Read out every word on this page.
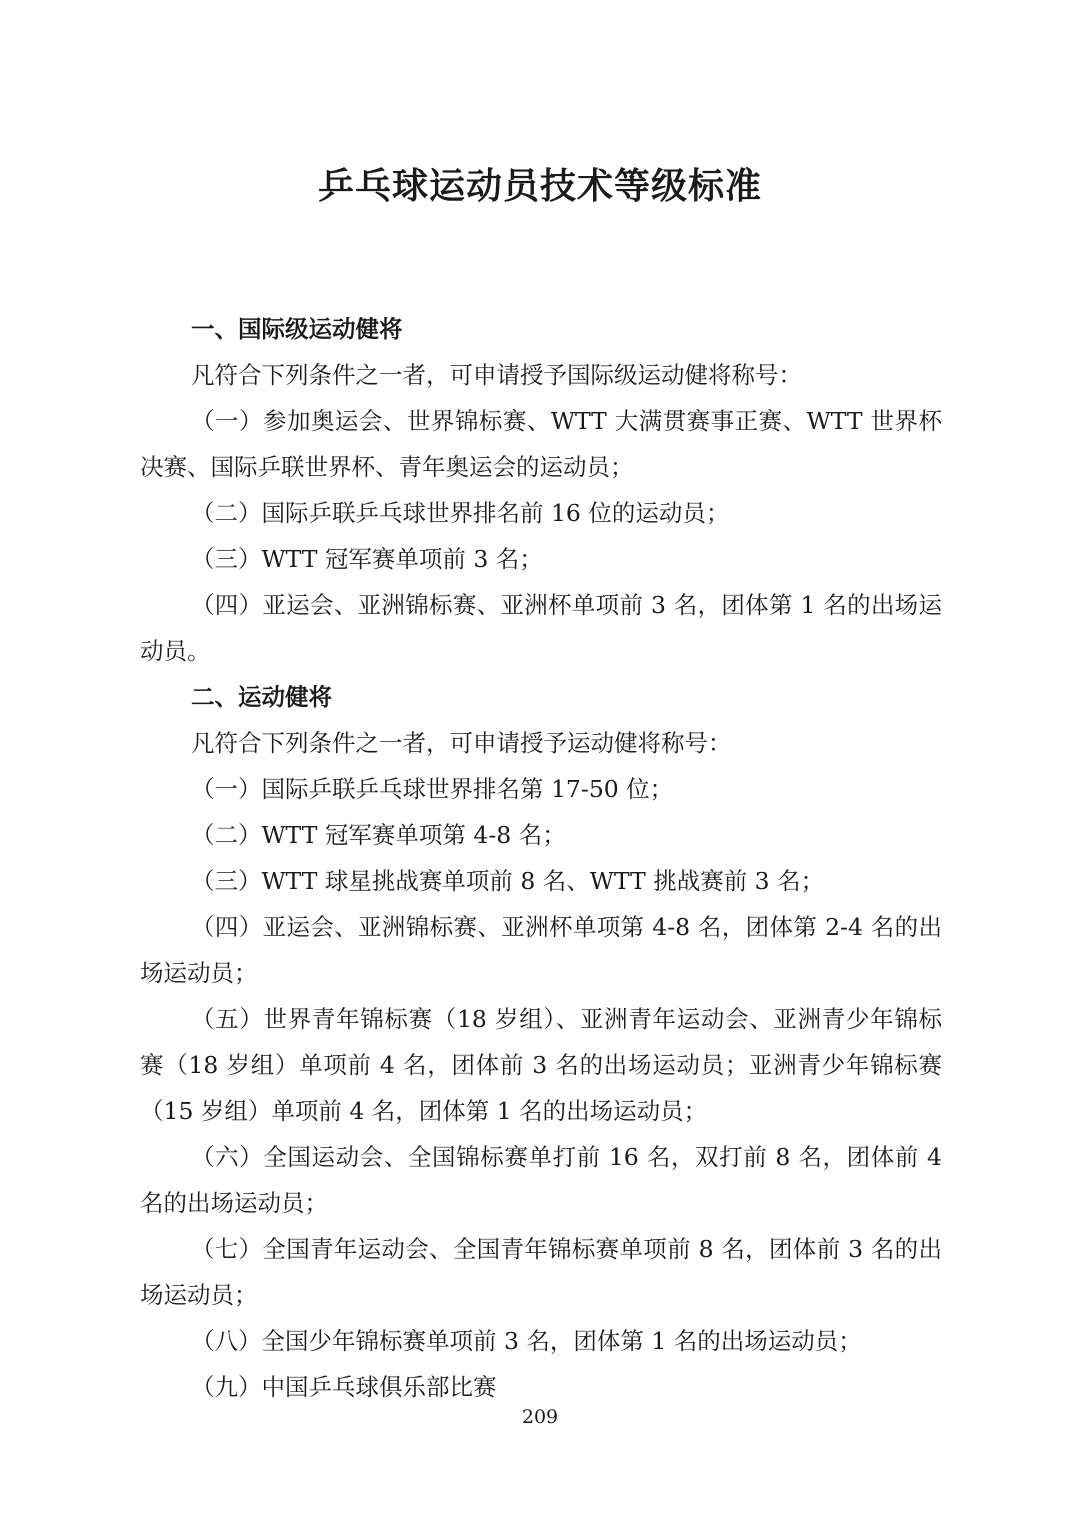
乒乓球运动员技术等级标准
一、国际级运动健将
凡符合下列条件之一者，可申请授予国际级运动健将称号：
（一）参加奥运会、世界锦标赛、WTT 大满贯赛事正赛、WTT 世界杯决赛、国际乒联世界杯、青年奥运会的运动员；
（二）国际乒联乒乓球世界排名前 16 位的运动员；
（三）WTT 冠军赛单项前 3 名；
（四）亚运会、亚洲锦标赛、亚洲杯单项前 3 名，团体第 1 名的出场运动员。
二、运动健将
凡符合下列条件之一者，可申请授予运动健将称号：
（一）国际乒联乒乓球世界排名第 17-50 位；
（二）WTT 冠军赛单项第 4-8 名；
（三）WTT 球星挑战赛单项前 8 名、WTT 挑战赛前 3 名；
（四）亚运会、亚洲锦标赛、亚洲杯单项第 4-8 名，团体第 2-4 名的出场运动员；
（五）世界青年锦标赛（18 岁组）、亚洲青年运动会、亚洲青少年锦标赛（18 岁组）单项前 4 名，团体前 3 名的出场运动员；亚洲青少年锦标赛（15 岁组）单项前 4 名，团体第 1 名的出场运动员；
（六）全国运动会、全国锦标赛单打前 16 名，双打前 8 名，团体前 4 名的出场运动员；
（七）全国青年运动会、全国青年锦标赛单项前 8 名，团体前 3 名的出场运动员；
（八）全国少年锦标赛单项前 3 名，团体第 1 名的出场运动员；
（九）中国乒乓球俱乐部比赛
209
